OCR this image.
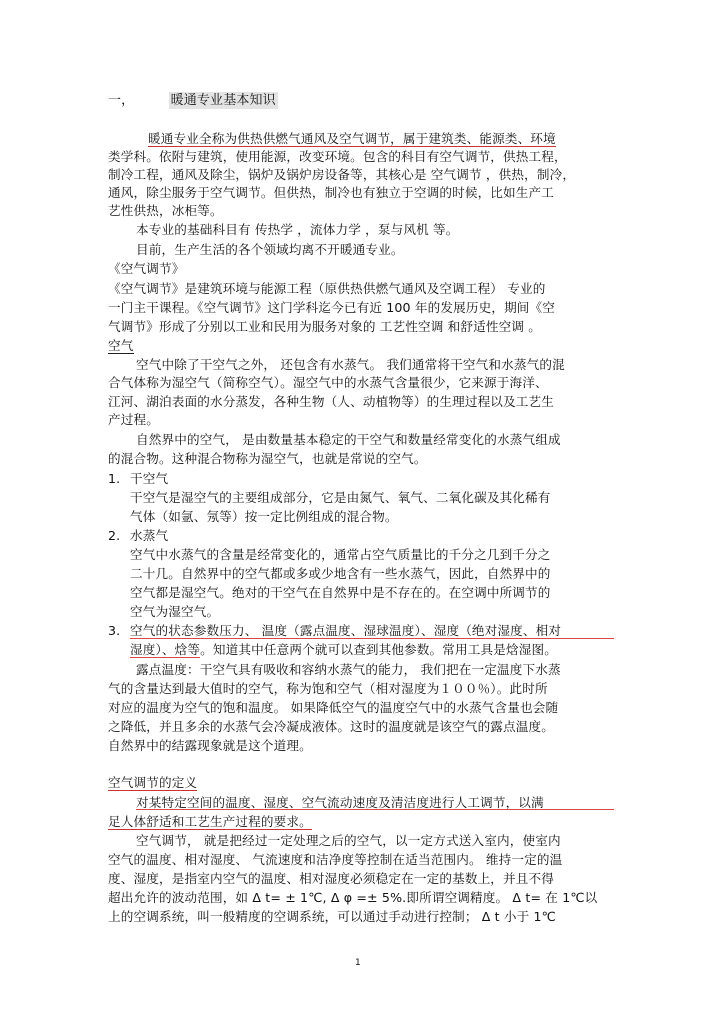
一，	暖通专业基本知识
暖通专业全称为供热供燃气通风及空气调节，属于建筑类、能源类、环境
类学科。依附与建筑，使用能源，改变环境。包含的科目有空气调节，供热工程，
制冷工程，通风及除尘，锅炉及锅炉房设备等，其核心是 空气调节 ，供热，制冷，
通风，除尘服务于空气调节。但供热，制冷也有独立于空调的时候，比如生产工
艺性供热，冰柜等。
本专业的基础科目有 传热学 ，流体力学 ，泵与风机 等。
目前，生产生活的各个领域均离不开暖通专业。
《空气调节》
《空气调节》是建筑环境与能源工程（原供热供燃气通风及空调工程） 专业的
一门主干课程。《空气调节》这门学科迄今已有近 100 年的发展历史，期间《空
气调节》形成了分别以工业和民用为服务对象的 工艺性空调 和舒适性空调 。
空气
空气中除了干空气之外， 还包含有水蒸气。 我们通常将干空气和水蒸气的混
合气体称为湿空气（简称空气）。湿空气中的水蒸气含量很少，它来源于海洋、
江河、湖泊表面的水分蒸发，各种生物（人、动植物等）的生理过程以及工艺生
产过程。
自然界中的空气， 是由数量基本稳定的干空气和数量经常变化的水蒸气组成
的混合物。这种混合物称为湿空气，也就是常说的空气。
1. 干空气
干空气是湿空气的主要组成部分，它是由氮气、氧气、二氧化碳及其化稀有
气体（如氩、氖等）按一定比例组成的混合物。
2. 水蒸气
空气中水蒸气的含量是经常变化的，通常占空气质量比的千分之几到千分之
二十几。自然界中的空气都或多或少地含有一些水蒸气，因此，自然界中的
空气都是湿空气。绝对的干空气在自然界中是不存在的。在空调中所调节的
空气为湿空气。
3. 空气的状态参数压力、 温度（露点温度、湿球温度）、湿度（绝对湿度、相对
湿度）、焓等。知道其中任意两个就可以查到其他参数。常用工具是焓湿图。
露点温度：干空气具有吸收和容纳水蒸气的能力， 我们把在一定温度下水蒸
气的含量达到最大值时的空气，称为饱和空气（相对湿度为１００％）。此时所
对应的温度为空气的饱和温度。 如果降低空气的温度空气中的水蒸气含量也会随
之降低，并且多余的水蒸气会冷凝成液体。这时的温度就是该空气的露点温度。
自然界中的结露现象就是这个道理。
空气调节的定义
对某特定空间的温度、湿度、空气流动速度及清洁度进行人工调节，以满
足人体舒适和工艺生产过程的要求。
空气调节， 就是把经过一定处理之后的空气，以一定方式送入室内，使室内
空气的温度、相对湿度、 气流速度和洁净度等控制在适当范围内。 维持一定的温
度、湿度，是指室内空气的温度、相对湿度必须稳定在一定的基数上，并且不得
超出允许的波动范围，如 Δ t= ± 1℃, Δ φ =± 5%.即所谓空调精度。 Δ t= 在 1℃以
上的空调系统，叫一般精度的空调系统，可以通过手动进行控制； Δ t 小于 1℃
1
